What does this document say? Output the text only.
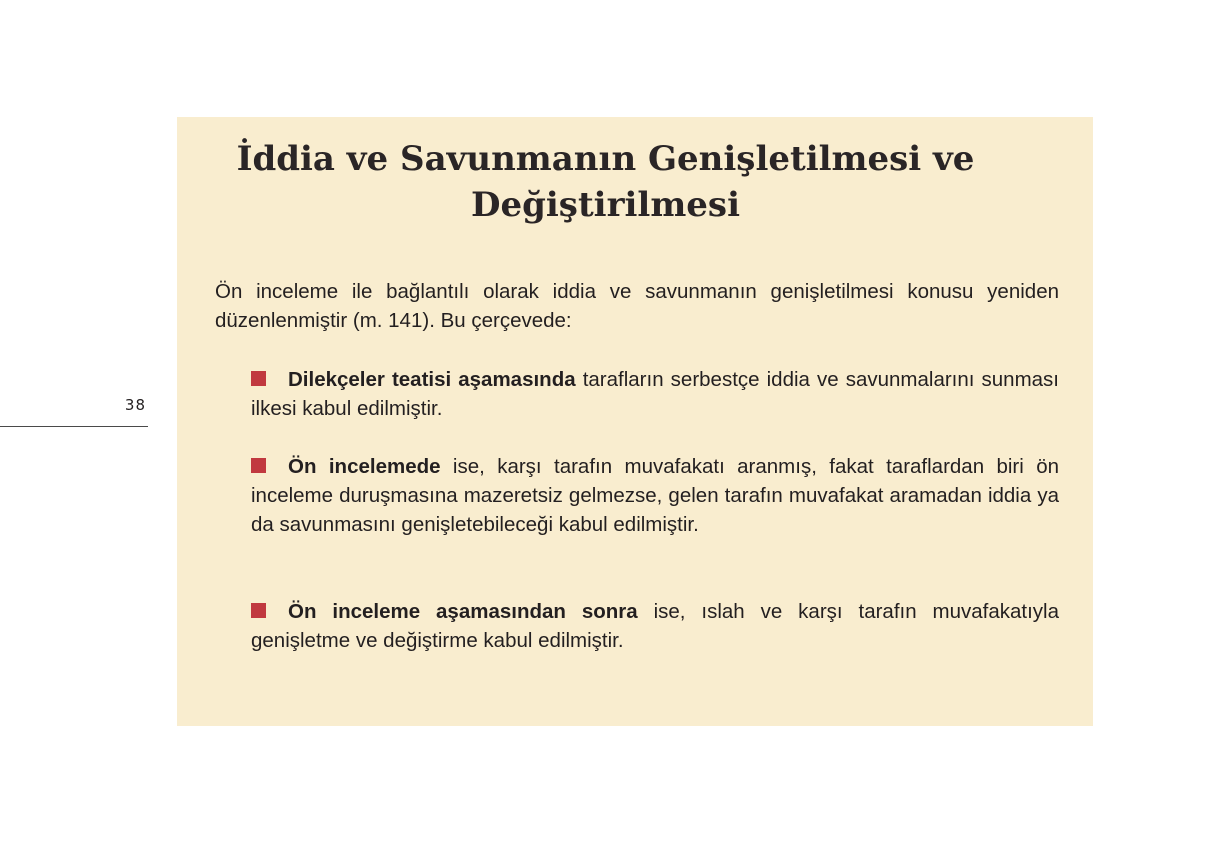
38
İddia ve Savunmanın Genişletilmesi ve
Değiştirilmesi

Ön inceleme ile bağlantılı olarak iddia ve savunmanın genişletilmesi konusu yeniden düzenlenmiştir (m. 141). Bu çerçevede:

Dilekçeler teatisi aşamasında tarafların serbestçe iddia ve savunmalarını sunması ilkesi kabul edilmiştir.

Ön incelemede ise, karşı tarafın muvafakatı aranmış, fakat taraflardan biri ön inceleme duruşmasına mazeretsiz gelmezse, gelen tarafın muvafakat aramadan iddia ya da savunmasını genişletebileceği kabul edilmiştir.

Ön inceleme aşamasından sonra ise, ıslah ve karşı tarafın muvafakatıyla genişletme ve değiştirme kabul edilmiştir.
